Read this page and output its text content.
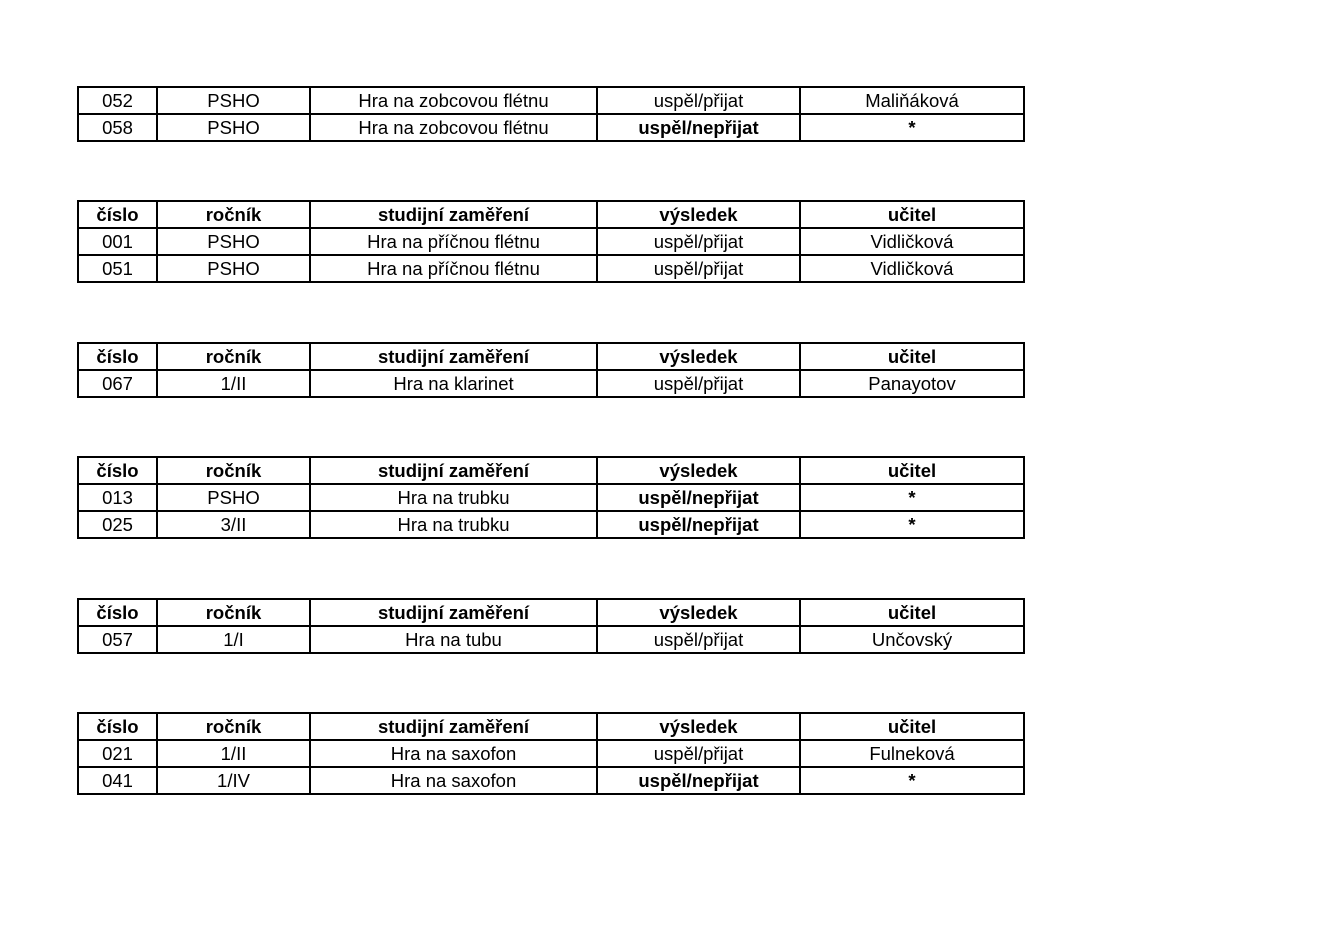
052	PSHO	Hra na zobcovou flétnu	uspěl/přijat	Maliňáková
058	PSHO	Hra na zobcovou flétnu	uspěl/nepřijat	*
číslo	ročník	studijní zaměření	výsledek	učitel
001	PSHO	Hra na příčnou flétnu	uspěl/přijat	Vidličková
051	PSHO	Hra na příčnou flétnu	uspěl/přijat	Vidličková
číslo	ročník	studijní zaměření	výsledek	učitel
067	1/II	Hra na klarinet	uspěl/přijat	Panayotov
číslo	ročník	studijní zaměření	výsledek	učitel
013	PSHO	Hra na trubku	uspěl/nepřijat	*
025	3/II	Hra na trubku	uspěl/nepřijat	*
číslo	ročník	studijní zaměření	výsledek	učitel
057	1/I	Hra na tubu	uspěl/přijat	Unčovský
číslo	ročník	studijní zaměření	výsledek	učitel
021	1/II	Hra na saxofon	uspěl/přijat	Fulneková
041	1/IV	Hra na saxofon	uspěl/nepřijat	*
